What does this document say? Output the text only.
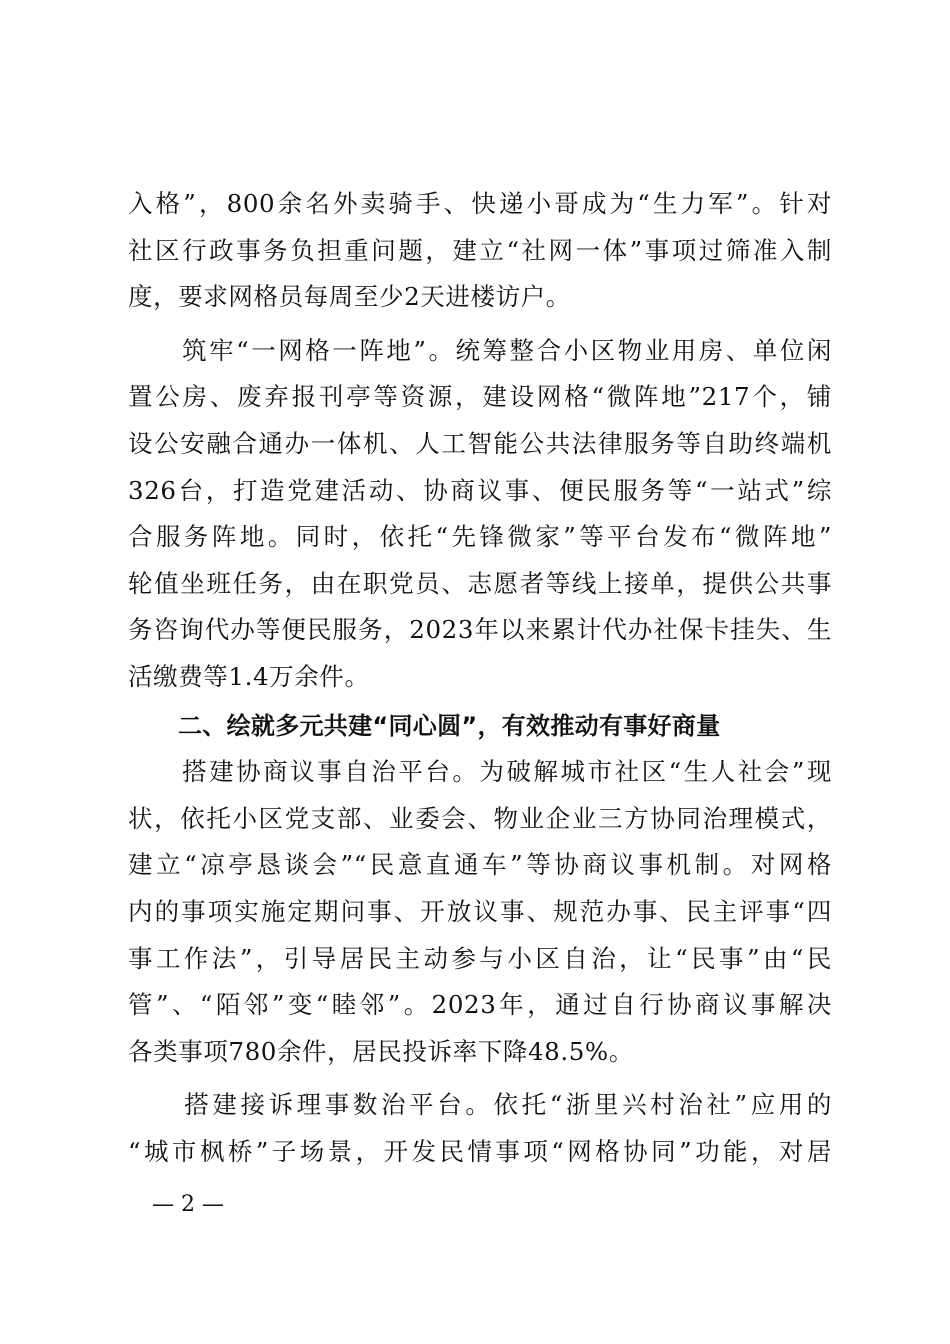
入格”，800余名外卖骑手、快递小哥成为“生力军”。针对
社区行政事务负担重问题，建立“社网一体”事项过筛准入制
度，要求网格员每周至少2天进楼访户。

　　筑牢“一网格一阵地”。统筹整合小区物业用房、单位闲
置公房、废弃报刊亭等资源，建设网格“微阵地”217个，铺
设公安融合通办一体机、人工智能公共法律服务等自助终端机
326台，打造党建活动、协商议事、便民服务等“一站式”综
合服务阵地。同时，依托“先锋微家”等平台发布“微阵地”
轮值坐班任务，由在职党员、志愿者等线上接单，提供公共事
务咨询代办等便民服务，2023年以来累计代办社保卡挂失、生
活缴费等1.4万余件。

二、绘就多元共建“同心圆”，有效推动有事好商量

　　搭建协商议事自治平台。为破解城市社区“生人社会”现
状，依托小区党支部、业委会、物业企业三方协同治理模式，
建立“凉亭恳谈会”“民意直通车”等协商议事机制。对网格
内的事项实施定期问事、开放议事、规范办事、民主评事“四
事工作法”，引导居民主动参与小区自治，让“民事”由“民
管”、“陌邻”变“睦邻”。2023年，通过自行协商议事解决
各类事项780余件，居民投诉率下降48.5%。

　　搭建接诉理事数治平台。依托“浙里兴村治社”应用的
“城市枫桥”子场景，开发民情事项“网格协同”功能，对居

— 2 —
